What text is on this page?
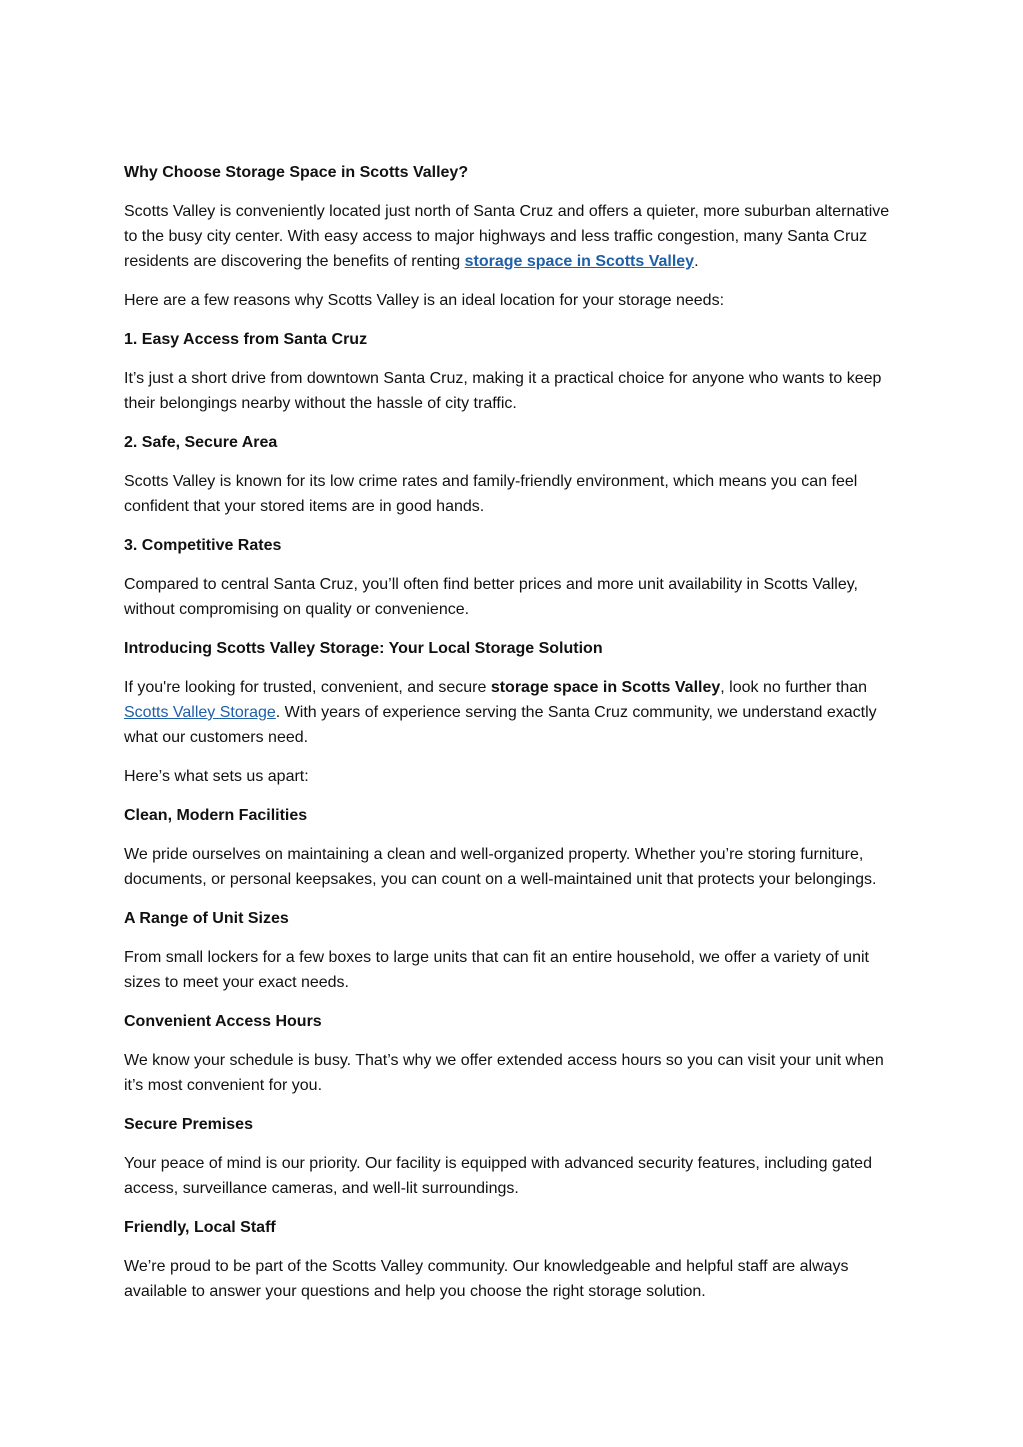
Why Choose Storage Space in Scotts Valley?

Scotts Valley is conveniently located just north of Santa Cruz and offers a quieter, more suburban alternative to the busy city center. With easy access to major highways and less traffic congestion, many Santa Cruz residents are discovering the benefits of renting storage space in Scotts Valley.

Here are a few reasons why Scotts Valley is an ideal location for your storage needs:

1. Easy Access from Santa Cruz

It’s just a short drive from downtown Santa Cruz, making it a practical choice for anyone who wants to keep their belongings nearby without the hassle of city traffic.

2. Safe, Secure Area

Scotts Valley is known for its low crime rates and family-friendly environment, which means you can feel confident that your stored items are in good hands.

3. Competitive Rates

Compared to central Santa Cruz, you’ll often find better prices and more unit availability in Scotts Valley, without compromising on quality or convenience.

Introducing Scotts Valley Storage: Your Local Storage Solution

If you're looking for trusted, convenient, and secure storage space in Scotts Valley, look no further than Scotts Valley Storage. With years of experience serving the Santa Cruz community, we understand exactly what our customers need.

Here’s what sets us apart:

Clean, Modern Facilities

We pride ourselves on maintaining a clean and well-organized property. Whether you’re storing furniture, documents, or personal keepsakes, you can count on a well-maintained unit that protects your belongings.

A Range of Unit Sizes

From small lockers for a few boxes to large units that can fit an entire household, we offer a variety of unit sizes to meet your exact needs.

Convenient Access Hours

We know your schedule is busy. That’s why we offer extended access hours so you can visit your unit when it’s most convenient for you.

Secure Premises

Your peace of mind is our priority. Our facility is equipped with advanced security features, including gated access, surveillance cameras, and well-lit surroundings.

Friendly, Local Staff

We’re proud to be part of the Scotts Valley community. Our knowledgeable and helpful staff are always available to answer your questions and help you choose the right storage solution.
